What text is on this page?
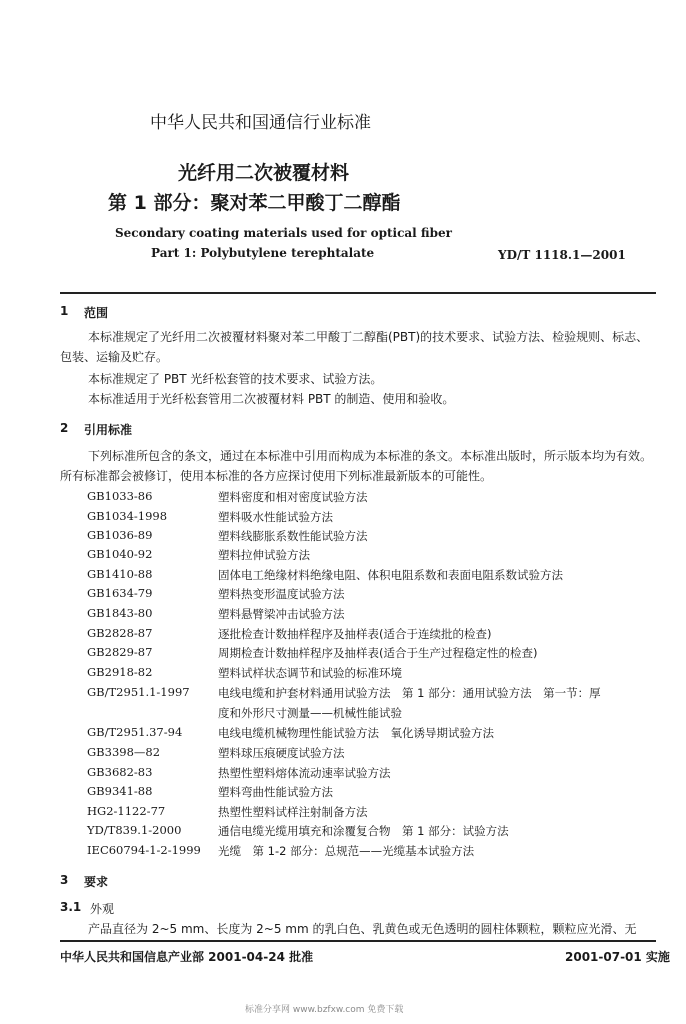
中华人民共和国通信行业标准
光纤用二次被覆材料
第 1 部分：聚对苯二甲酸丁二醇酯
Secondary coating materials used for optical fiber
Part 1: Polybutylene terephtalate	YD/T 1118.1—2001
1 范围
本标准规定了光纤用二次被覆材料聚对苯二甲酸丁二醇酯(PBT)的技术要求、试验方法、检验规则、标志、包装、运输及贮存。
本标准规定了 PBT 光纤松套管的技术要求、试验方法。
本标准适用于光纤松套管用二次被覆材料 PBT 的制造、使用和验收。
2 引用标准
下列标准所包含的条文，通过在本标准中引用而构成为本标准的条文。本标准出版时，所示版本均为有效。所有标准都会被修订，使用本标准的各方应探讨使用下列标准最新版本的可能性。
GB1033-86	塑料密度和相对密度试验方法
GB1034-1998	塑料吸水性能试验方法
GB1036-89	塑料线膨胀系数性能试验方法
GB1040-92	塑料拉伸试验方法
GB1410-88	固体电工绝缘材料绝缘电阻、体积电阻系数和表面电阻系数试验方法
GB1634-79	塑料热变形温度试验方法
GB1843-80	塑料悬臂梁冲击试验方法
GB2828-87	逐批检查计数抽样程序及抽样表(适合于连续批的检查)
GB2829-87	周期检查计数抽样程序及抽样表(适合于生产过程稳定性的检查)
GB2918-82	塑料试样状态调节和试验的标准环境
GB/T2951.1-1997 电线电缆和护套材料通用试验方法　第 1 部分：通用试验方法　第一节：厚
度和外形尺寸测量——机械性能试验
GB/T2951.37-94	电线电缆机械物理性能试验方法　氧化诱导期试验方法
GB3398—82	塑料球压痕硬度试验方法
GB3682-83	热塑性塑料熔体流动速率试验方法
GB9341-88	塑料弯曲性能试验方法
HG2-1122-77	热塑性塑料试样注射制备方法
YD/T839.1-2000	通信电缆光缆用填充和涂覆复合物　第 1 部分：试验方法
IEC60794-1-2-1999 光缆　第 1-2 部分：总规范——光缆基本试验方法
3 要求
3.1 外观
产品直径为 2~5 mm、长度为 2~5 mm 的乳白色、乳黄色或无色透明的圆柱体颗粒，颗粒应光滑、无
中华人民共和国信息产业部 2001-04-24 批准	2001-07-01 实施
标准分享网 www.bzfxw.com 免费下载
